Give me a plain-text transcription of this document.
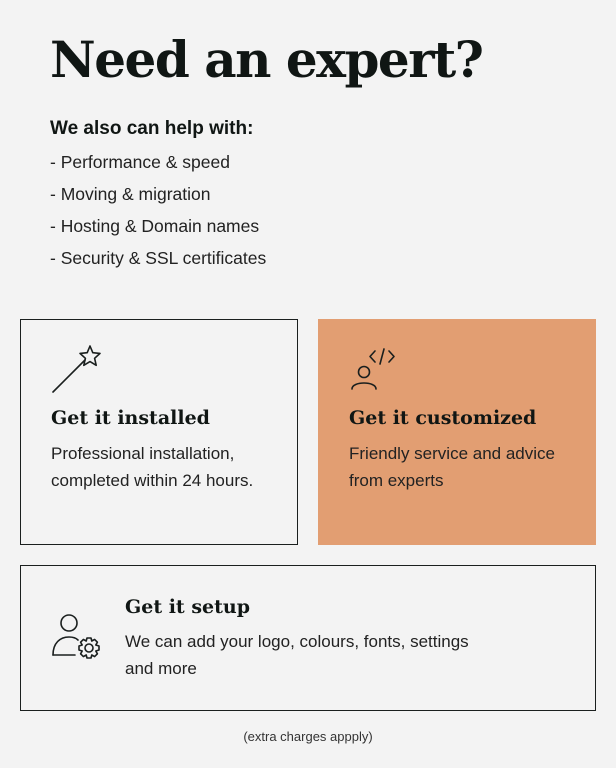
Need an expert?
We also can help with:
- Performance & speed
- Moving & migration
- Hosting & Domain names
- Security & SSL certificates
Get it installed

Professional installation, completed within 24 hours.

Get it customized

Friendly service and advice from experts

Get it setup

We can add your logo, colours, fonts, settings and more

(extra charges appply)
